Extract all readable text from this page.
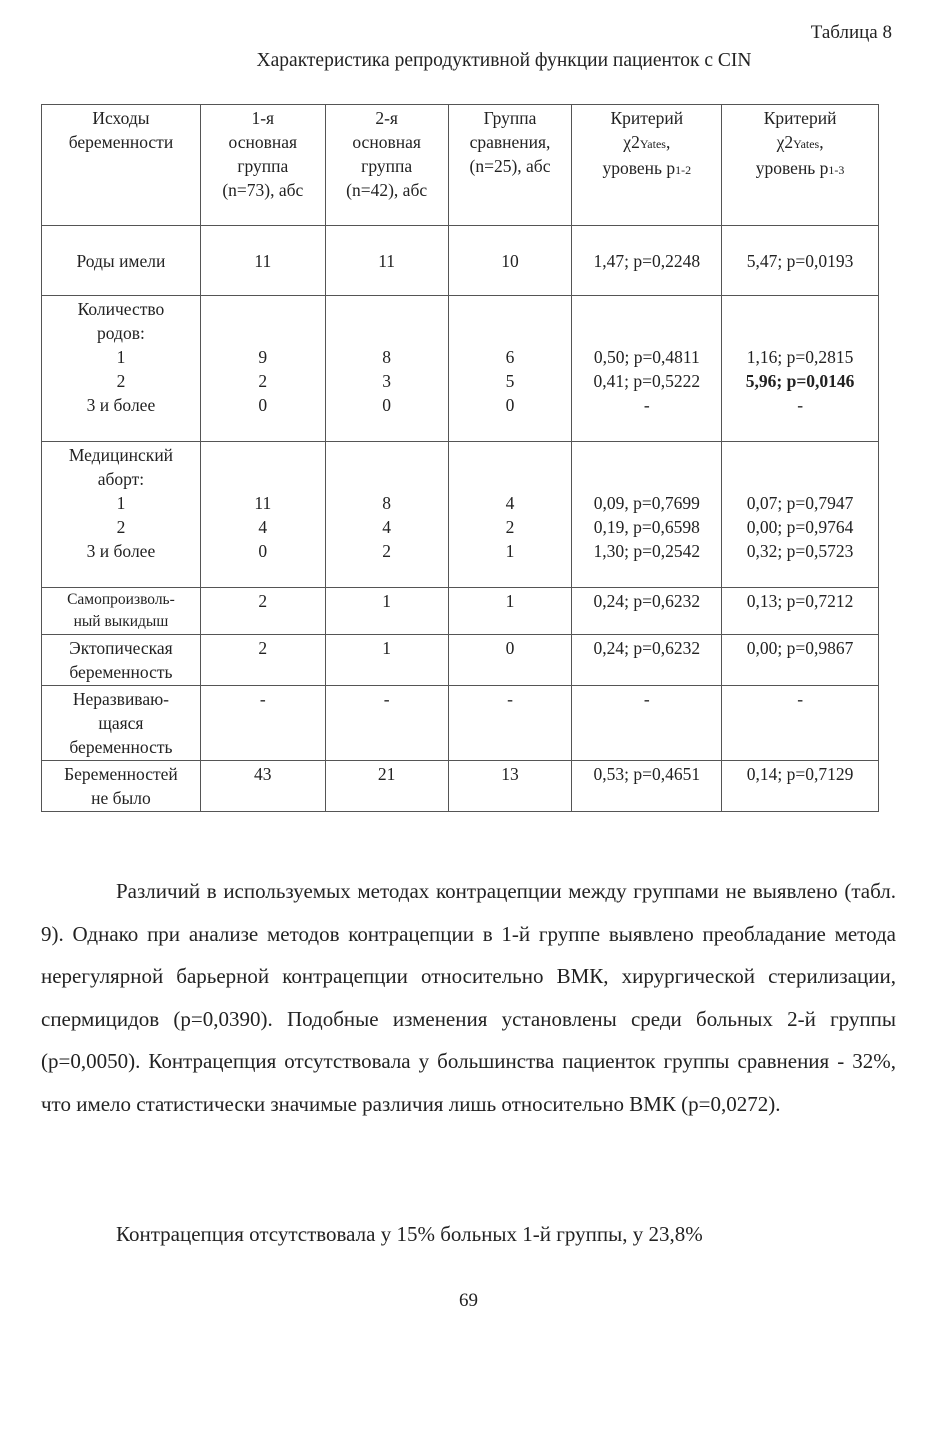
Таблица 8
Характеристика репродуктивной функции пациенток с CIN
Исходы
беременности	1-я
основная
группа
(n=73), абс	2-я
основная
группа
(n=42), абс	Группа
сравнения,
(n=25), абс	Критерий
χ2Yates,
уровень p1-2	Критерий
χ2Yates,
уровень p1-3

Роды имели	11	11	10	1,47; p=0,2248	5,47; p=0,0193

Количество
родов:
1
2
3 и более	9
2
0	8
3
0	6
5
0	0,50; p=0,4811
0,41; p=0,5222
-	1,16; p=0,2815
5,96; p=0,0146
-

Медицинский
аборт:
1
2
3 и более	11
4
0	8
4
2	4
2
1	0,09, p=0,7699
0,19, p=0,6598
1,30; p=0,2542	0,07; p=0,7947
0,00; p=0,9764
0,32; p=0,5723

Самопроизволь-
ный выкидыш	2	1	1	0,24; p=0,6232	0,13; p=0,7212

Эктопическая
беременность	2	1	0	0,24; p=0,6232	0,00; p=0,9867

Неразвиваю-
щаяся
беременность	-	-	-	-	-

Беременностей
не было	43	21	13	0,53; p=0,4651	0,14; p=0,7129

Различий в используемых методах контрацепции между группами не выявлено (табл. 9). Однако при анализе методов контрацепции в 1-й группе выявлено преобладание метода нерегулярной барьерной контрацепции относительно ВМК, хирургической стерилизации, спермицидов (p=0,0390). Подобные изменения установлены среди больных 2-й группы (p=0,0050). Контрацепция отсутствовала у большинства пациенток группы сравнения - 32%, что имело статистически значимые различия лишь относительно ВМК (p=0,0272).

Контрацепция отсутствовала у 15% больных 1-й группы, у 23,8%

69
